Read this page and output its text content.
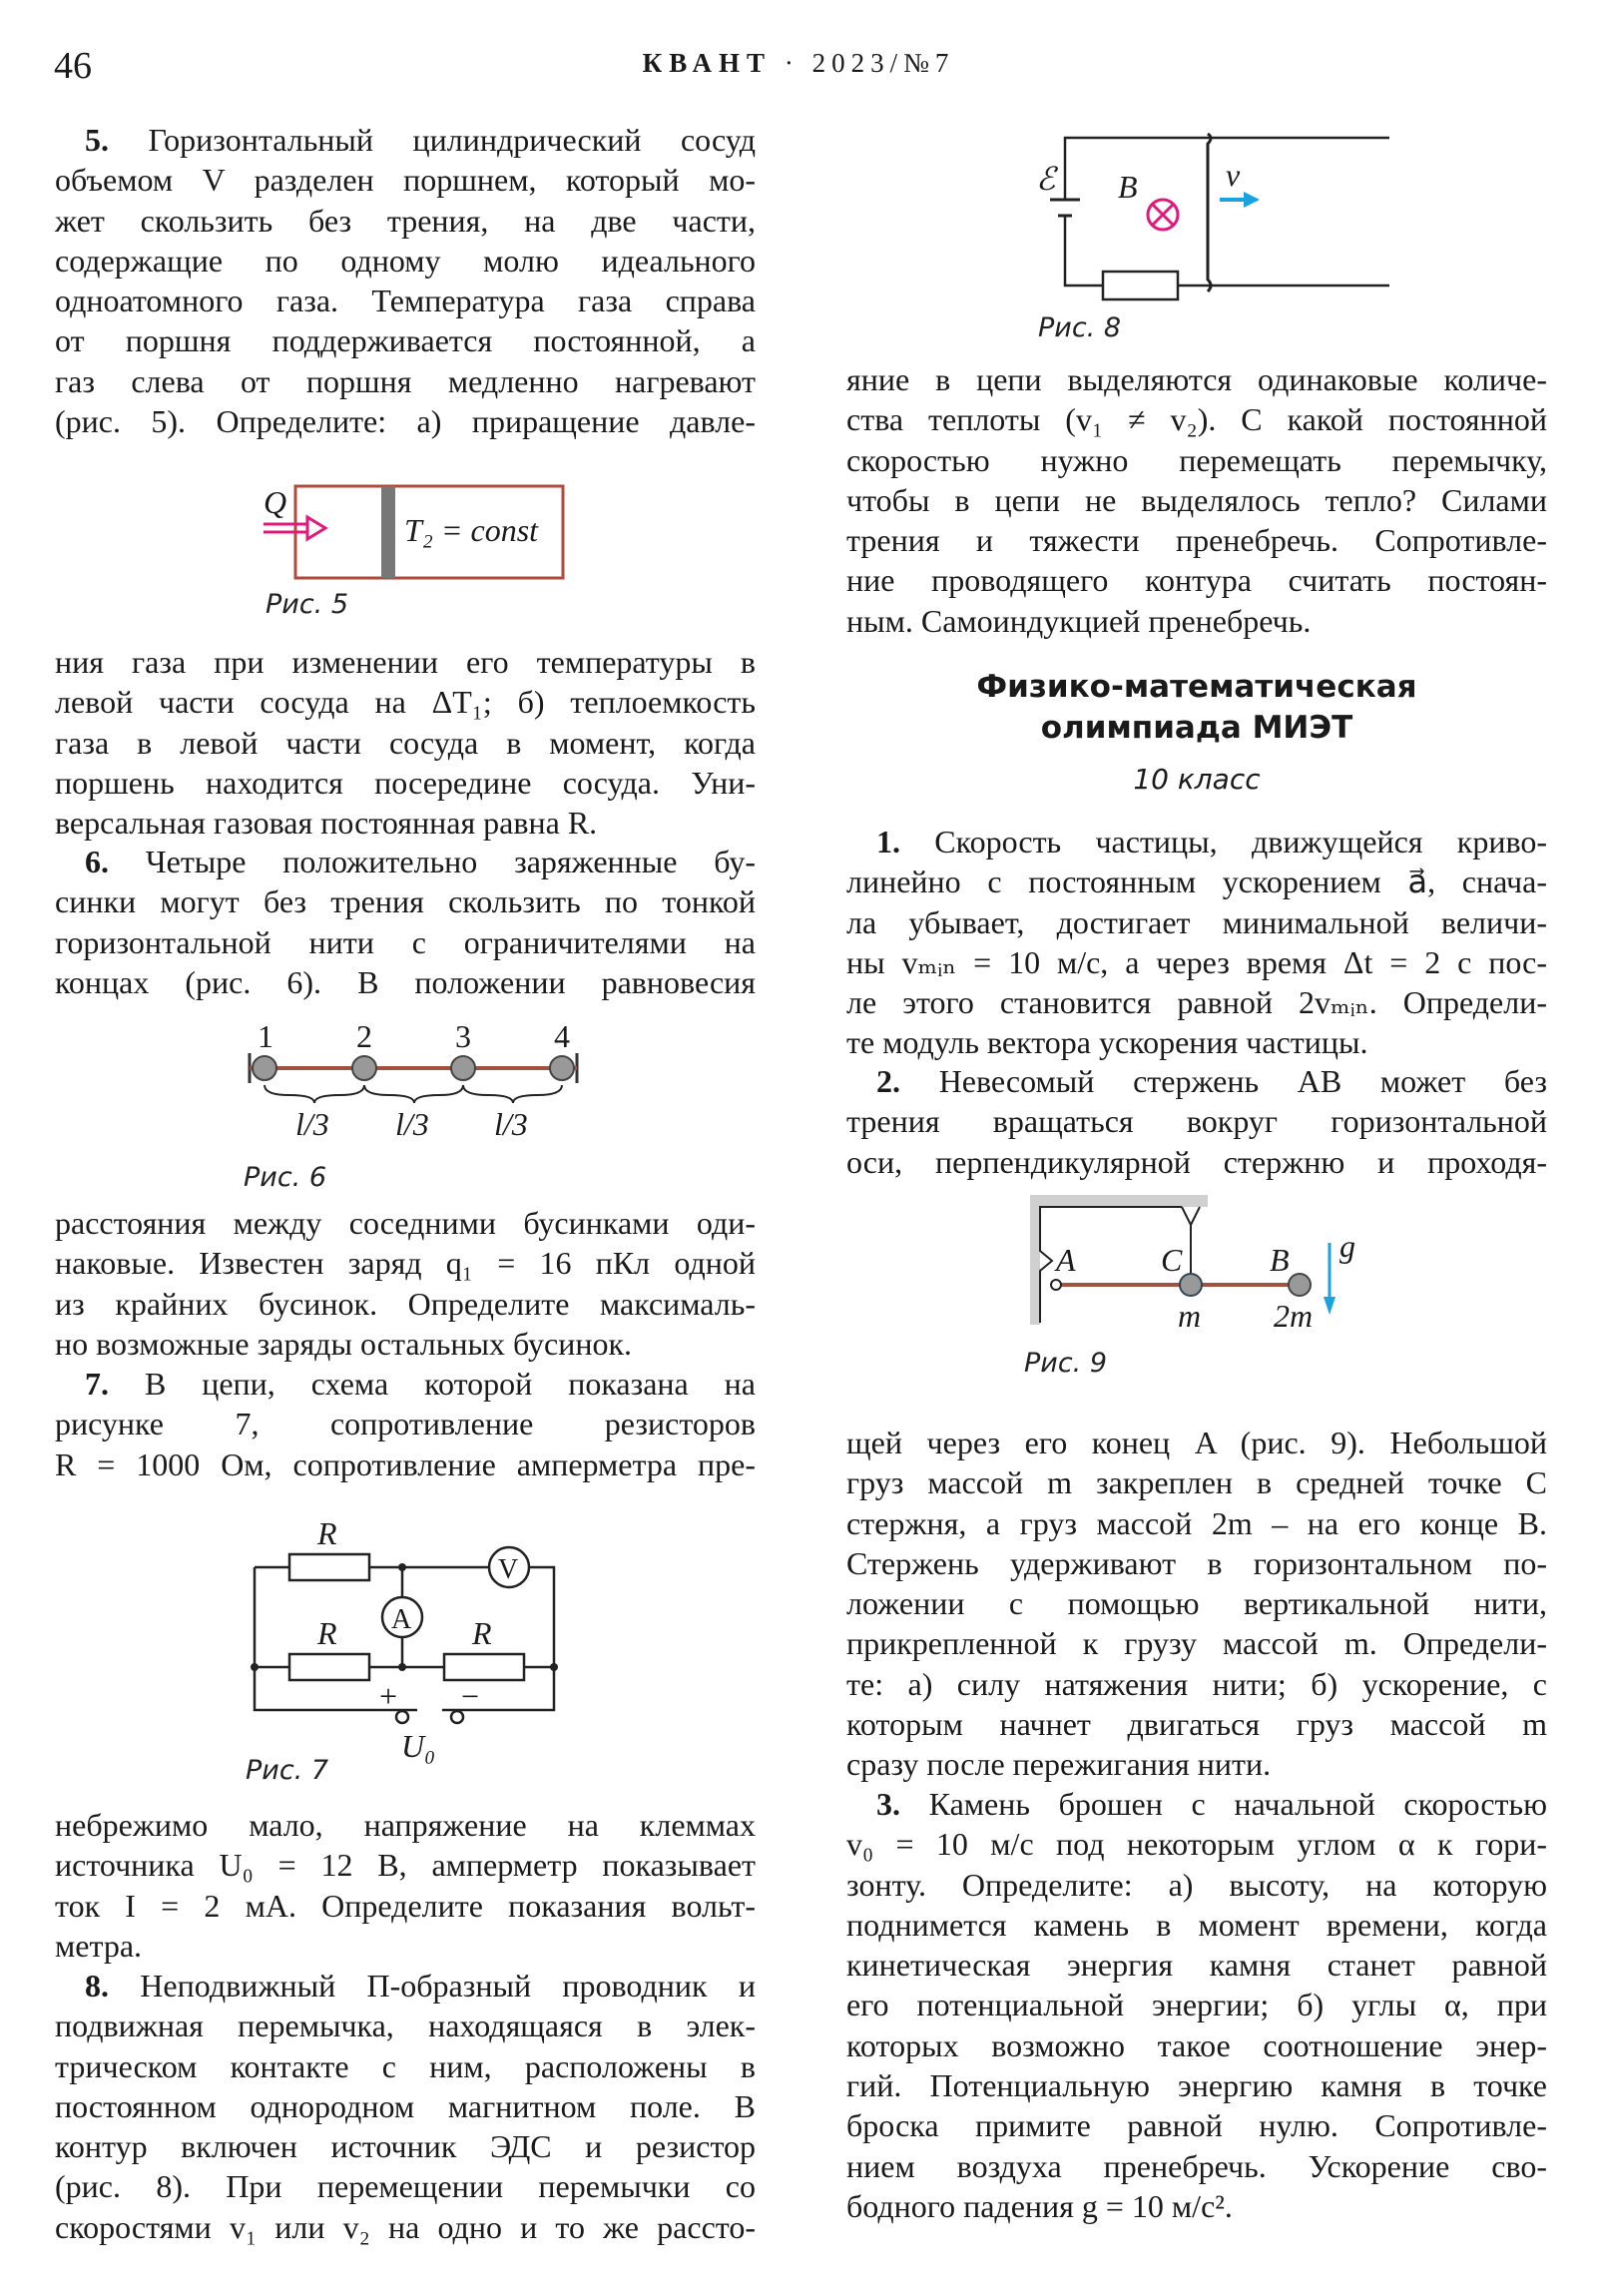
46	КВАНТ · 2023/№7
5. Горизонтальный цилиндрический сосуд
объемом V разделен поршнем, который мо-
жет скользить без трения, на две части,
содержащие по одному молю идеального
одноатомного газа. Температура газа справа
от поршня поддерживается постоянной, а
газ слева от поршня медленно нагревают
(рис. 5). Определите: а) приращение давле-
ния газа при изменении его температуры в
левой части сосуда на ΔT₁; б) теплоемкость
газа в левой части сосуда в момент, когда
поршень находится посередине сосуда. Уни-
версальная газовая постоянная равна R.
6. Четыре положительно заряженные бу-
синки могут без трения скользить по тонкой
горизонтальной нити с ограничителями на
концах (рис. 6). В положении равновесия
расстояния между соседними бусинками оди-
наковые. Известен заряд q₁ = 16 пКл одной
из крайних бусинок. Определите максималь-
но возможные заряды остальных бусинок.
7. В цепи, схема которой показана на
рисунке 7, сопротивление резисторов
R = 1000 Ом, сопротивление амперметра пре-
небрежимо мало, напряжение на клеммах
источника U₀ = 12 В, амперметр показывает
ток I = 2 мА. Определите показания вольт-
метра.
8. Неподвижный П-образный проводник и
подвижная перемычка, находящаяся в элек-
трическом контакте с ним, расположены в
постоянном однородном магнитном поле. В
контур включен источник ЭДС и резистор
(рис. 8). При перемещении перемычки со
скоростями v₁ или v₂ на одно и то же рассто-
яние в цепи выделяются одинаковые количе-
ства теплоты (v₁ ≠ v₂). С какой постоянной
скоростью нужно перемещать перемычку,
чтобы в цепи не выделялось тепло? Силами
трения и тяжести пренебречь. Сопротивле-
ние проводящего контура считать постоян-
ным. Самоиндукцией пренебречь.
Физико-математическая
олимпиада МИЭТ
10 класс
1. Скорость частицы, движущейся криво-
линейно с постоянным ускорением a⃗, снача-
ла убывает, достигает минимальной величи-
ны vₘᵢₙ = 10 м/с, а через время Δt = 2 с пос-
ле этого становится равной 2vₘᵢₙ. Определи-
те модуль вектора ускорения частицы.
2. Невесомый стержень AB может без
трения вращаться вокруг горизонтальной
оси, перпендикулярной стержню и проходя-
щей через его конец A (рис. 9). Небольшой
груз массой m закреплен в средней точке C
стержня, а груз массой 2m – на его конце B.
Стержень удерживают в горизонтальном по-
ложении с помощью вертикальной нити,
прикрепленной к грузу массой m. Определи-
те: а) силу натяжения нити; б) ускорение, с
которым начнет двигаться груз массой m
сразу после пережигания нити.
3. Камень брошен с начальной скоростью
v₀ = 10 м/с под некоторым углом α к гори-
зонту. Определите: а) высоту, на которую
поднимется камень в момент времени, когда
кинетическая энергия камня станет равной
его потенциальной энергии; б) углы α, при
которых возможно такое соотношение энер-
гий. Потенциальную энергию камня в точке
броска примите равной нулю. Сопротивле-
нием воздуха пренебречь. Ускорение сво-
бодного падения g = 10 м/с².
Q
T₂ = const
Рис. 5
1	2	3	4
l/3 l/3 l/3
Рис. 6
R
R	R
V
A
+ −
U₀
Рис. 7
ℰ B	v
Рис. 8
A	C	B g
m 2m
Рис. 9
